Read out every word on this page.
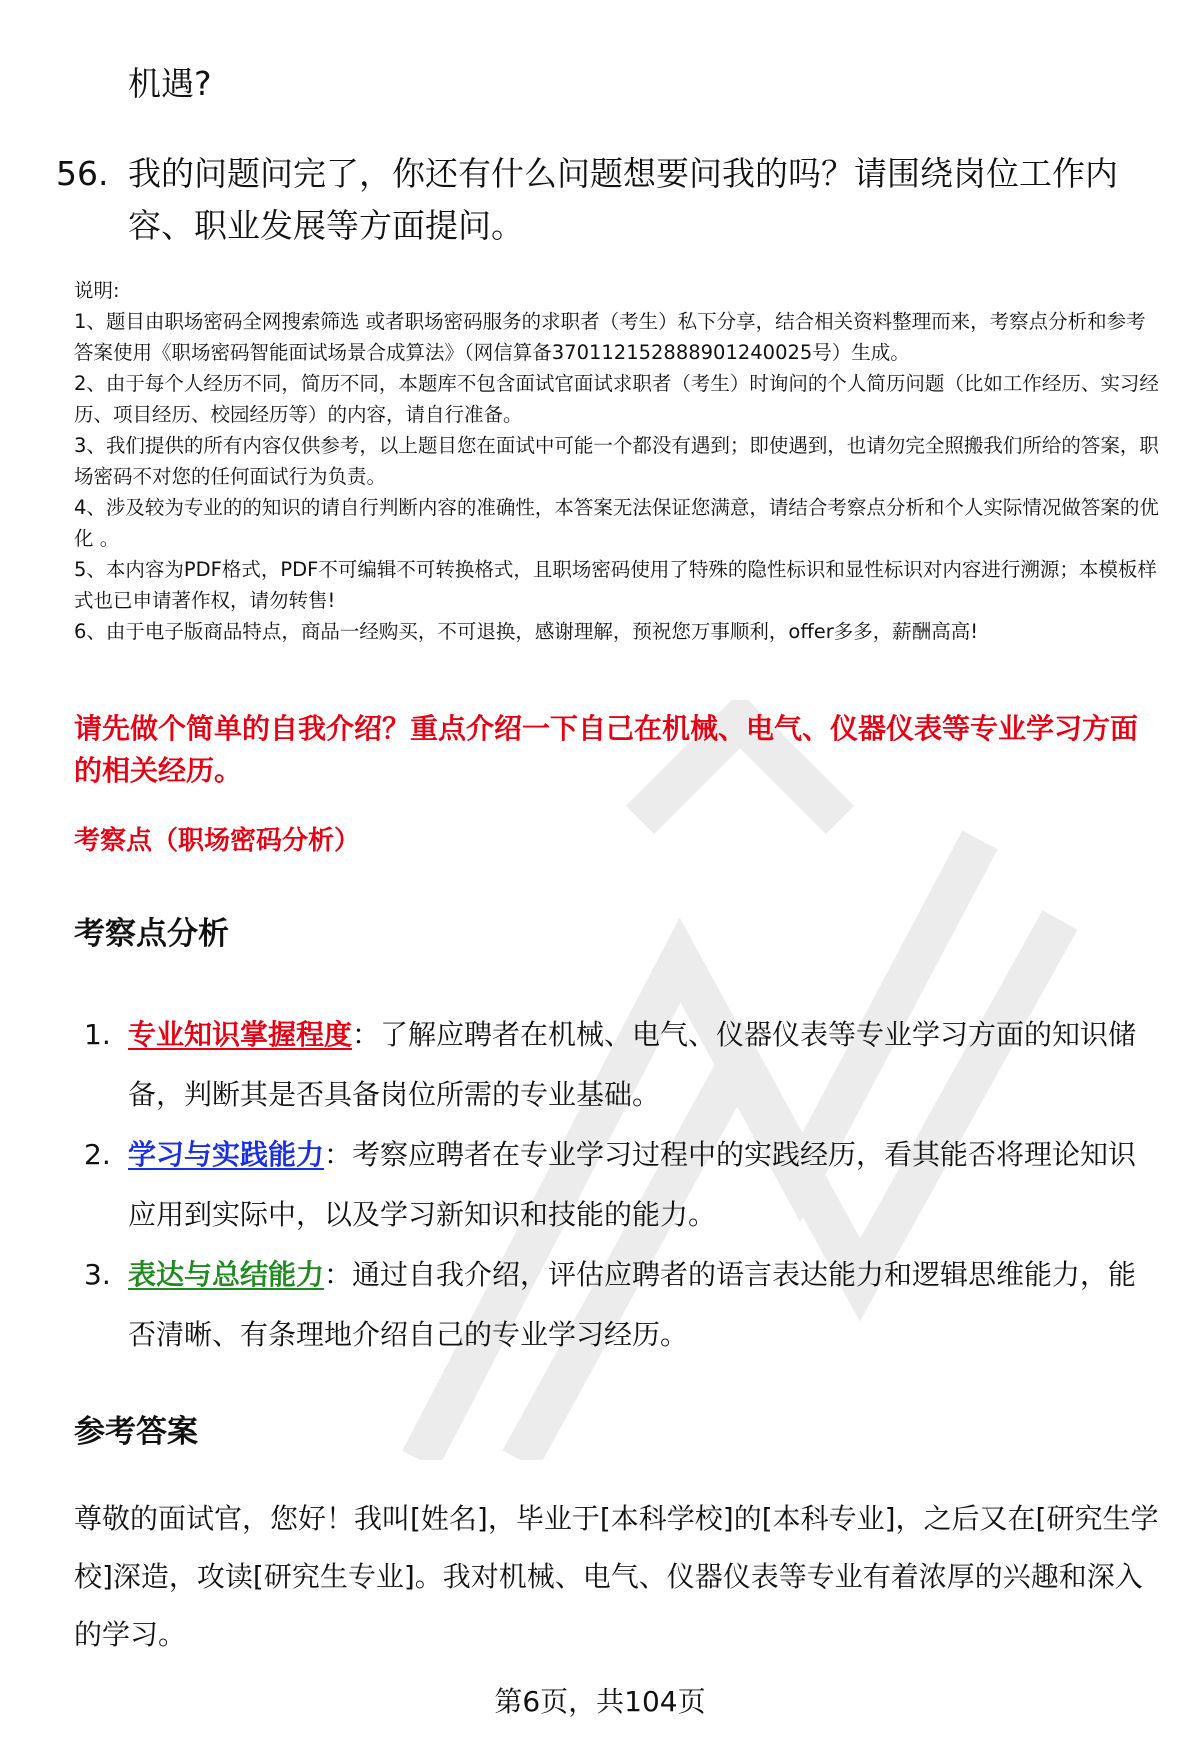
机遇?
56. 我的问题问完了，你还有什么问题想要问我的吗？请围绕岗位工作内容、职业发展等方面提问。
说明:
1、题目由职场密码全网搜索筛选 或者职场密码服务的求职者（考生）私下分享，结合相关资料整理而来，考察点分析和参考答案使用《职场密码智能面试场景合成算法》（网信算备370112152888901240025号）生成。
2、由于每个人经历不同，简历不同，本题库不包含面试官面试求职者（考生）时询问的个人简历问题（比如工作经历、实习经历、项目经历、校园经历等）的内容，请自行准备。
3、我们提供的所有内容仅供参考，以上题目您在面试中可能一个都没有遇到；即使遇到，也请勿完全照搬我们所给的答案，职场密码不对您的任何面试行为负责。
4、涉及较为专业的的知识的请自行判断内容的准确性，本答案无法保证您满意，请结合考察点分析和个人实际情况做答案的优化 。
5、本内容为PDF格式，PDF不可编辑不可转换格式，且职场密码使用了特殊的隐性标识和显性标识对内容进行溯源；本模板样式也已申请著作权，请勿转售!
6、由于电子版商品特点，商品一经购买，不可退换，感谢理解，预祝您万事顺利，offer多多，薪酬高高!
请先做个简单的自我介绍？重点介绍一下自己在机械、电气、仪器仪表等专业学习方面的相关经历。
考察点（职场密码分析）
考察点分析
1. 专业知识掌握程度：了解应聘者在机械、电气、仪器仪表等专业学习方面的知识储备，判断其是否具备岗位所需的专业基础。
2. 学习与实践能力：考察应聘者在专业学习过程中的实践经历，看其能否将理论知识应用到实际中，以及学习新知识和技能的能力。
3. 表达与总结能力：通过自我介绍，评估应聘者的语言表达能力和逻辑思维能力，能否清晰、有条理地介绍自己的专业学习经历。
参考答案
尊敬的面试官，您好！我叫[姓名]，毕业于[本科学校]的[本科专业]，之后又在[研究生学校]深造，攻读[研究生专业]。我对机械、电气、仪器仪表等专业有着浓厚的兴趣和深入的学习。
第6页，共104页
